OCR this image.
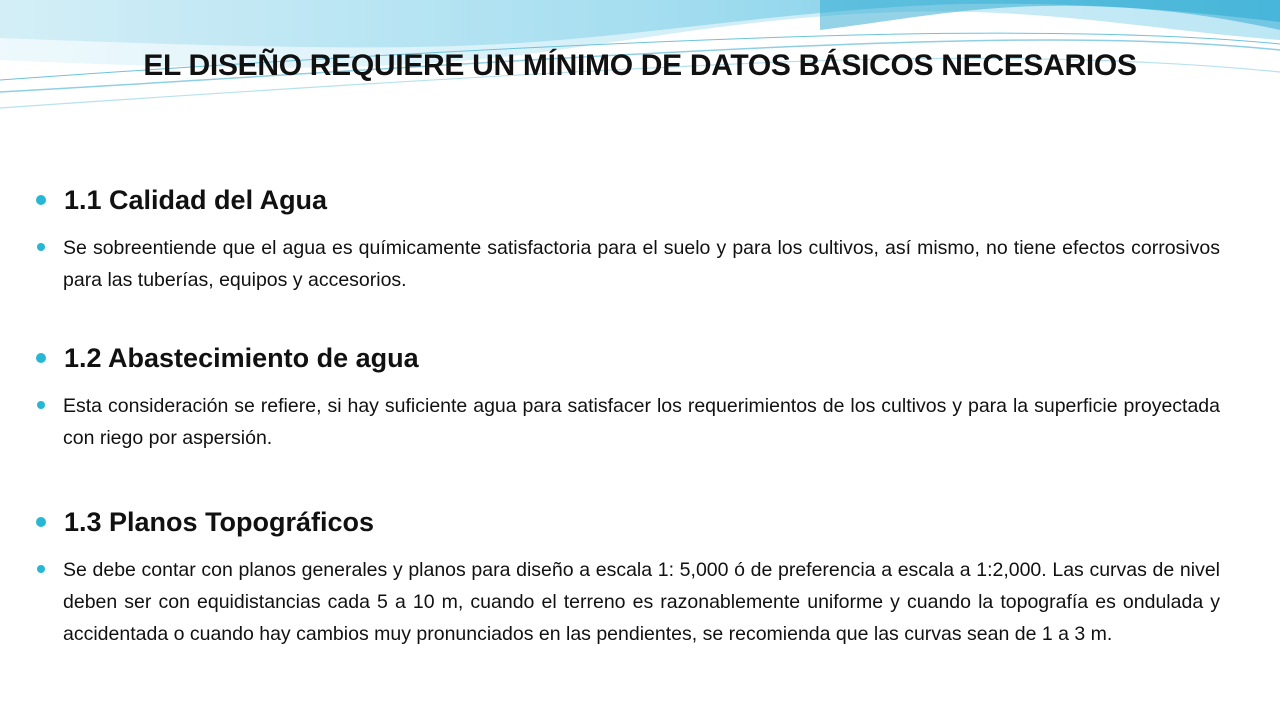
EL DISEÑO REQUIERE UN MÍNIMO DE DATOS BÁSICOS NECESARIOS
1.1 Calidad del Agua
Se sobreentiende que el agua es químicamente satisfactoria para el suelo y para los cultivos, así mismo, no tiene efectos corrosivos para las tuberías, equipos y accesorios.
1.2 Abastecimiento de agua
Esta consideración se refiere, si hay suficiente agua para satisfacer los requerimientos de los cultivos y para la superficie proyectada con riego por aspersión.
1.3 Planos Topográficos
Se debe contar con planos generales y planos para diseño a escala 1: 5,000 ó de preferencia a escala a 1:2,000. Las curvas de nivel deben ser con equidistancias cada 5 a 10 m, cuando el terreno es razonablemente uniforme y cuando la topografía es ondulada y accidentada o cuando hay cambios muy pronunciados en las pendientes, se recomienda que las curvas sean de 1 a 3 m.
